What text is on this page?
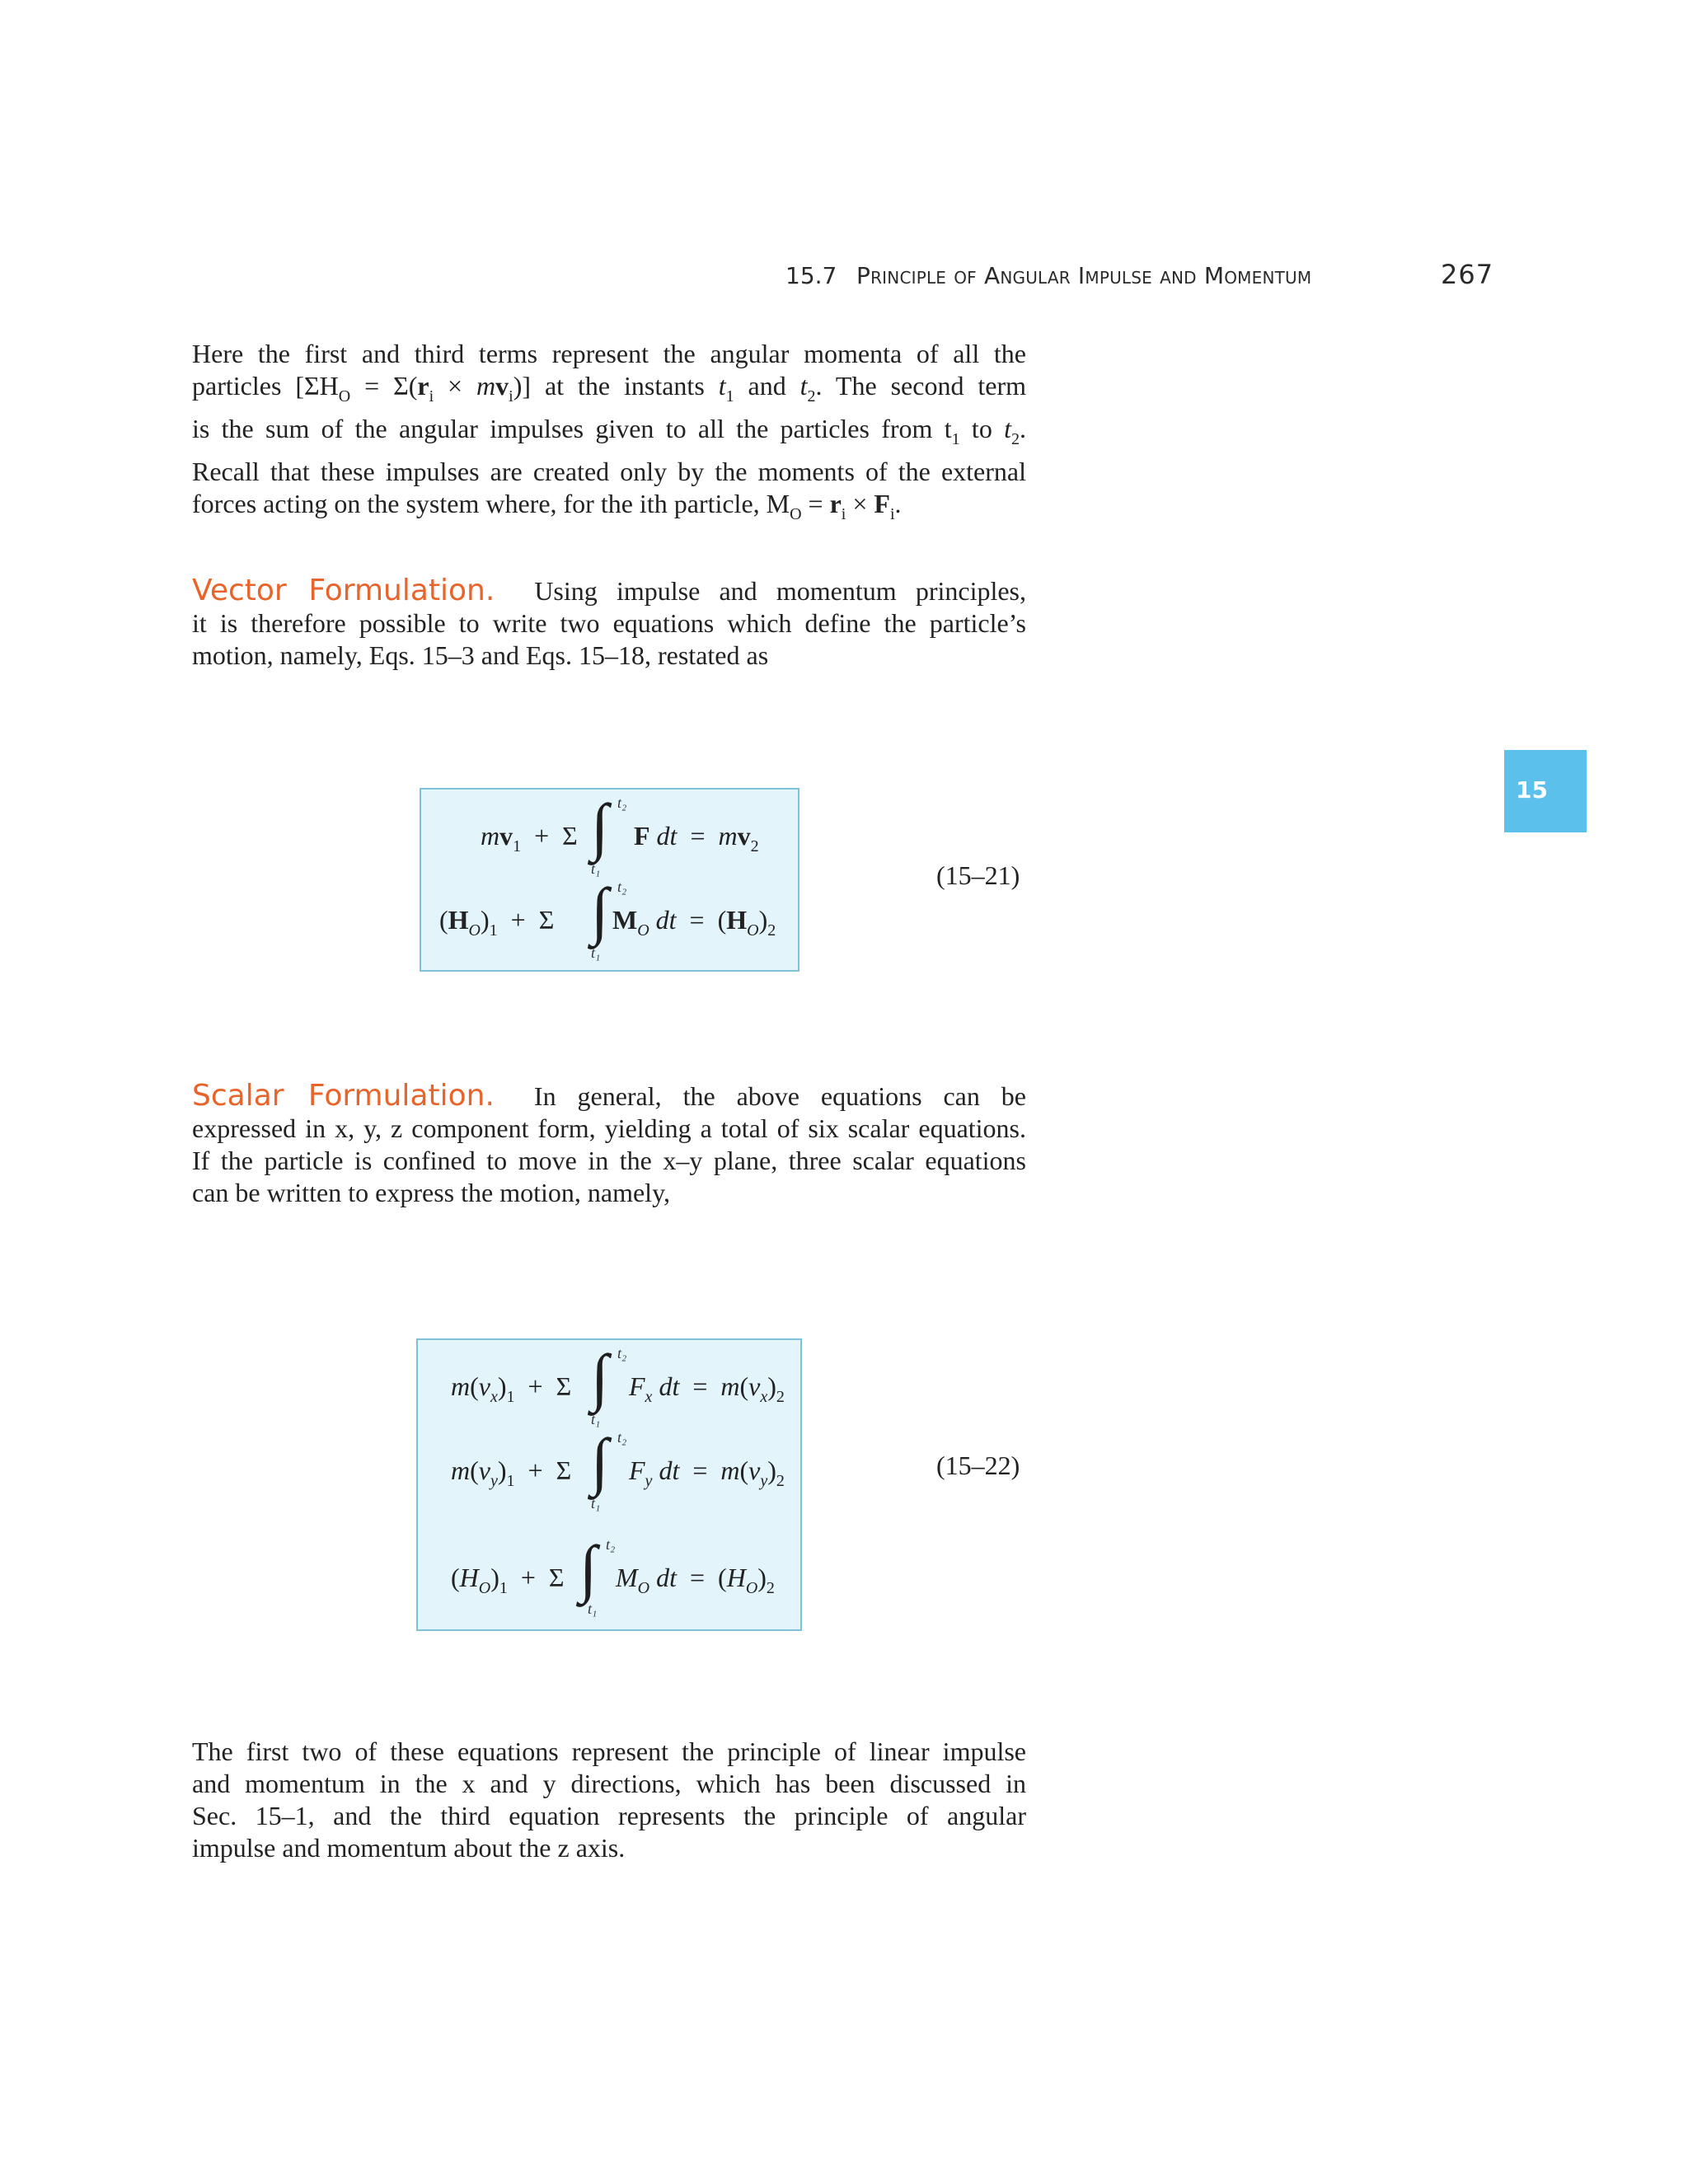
15.7 Principle of Angular Impulse and Momentum	267
15
Here the first and third terms represent the angular momenta of all the
particles $[\Sigma H_O = \Sigma(r_i \times mv_i)]$ at the instants $t_1$ and $t_2$. The second term
is the sum of the angular impulses given to all the particles from $t_1$ to $t_2$.
Recall that these impulses are created only by the moments of the external
forces acting on the system where, for the ith particle, $M_O = r_i \times F_i$.
Vector Formulation. Using impulse and momentum principles,
it is therefore possible to write two equations which define the particle’s
motion, namely, Eqs. 15–3 and Eqs. 15–18, restated as
$mv_1 + \Sigma$ ∫ t₂
t₁
F dt  =  $mv_2$
$(H_O)_1 + \Sigma$ ∫ t₂
t₁
$M_O$ dt  =  $(H_O)_2$
(15–21)
Scalar Formulation. In general, the above equations can be
expressed in x, y, z component form, yielding a total of six scalar equations.
If the particle is confined to move in the x–y plane, three scalar equations
can be written to express the motion, namely,
$m(v_x)_1 + \Sigma$ ∫ t₂
t₁
$F_x$ dt  =  $m(v_x)_2$
$m(v_y)_1 + \Sigma$ ∫ t₂
t₁
$F_y$ dt  =  $m(v_y)_2$
$(H_O)_1 + \Sigma$ ∫ t₂
t₁
$M_O$ dt  =  $(H_O)_2$
(15–22)
The first two of these equations represent the principle of linear impulse
and momentum in the x and y directions, which has been discussed in
Sec. 15–1, and the third equation represents the principle of angular
impulse and momentum about the z axis.
